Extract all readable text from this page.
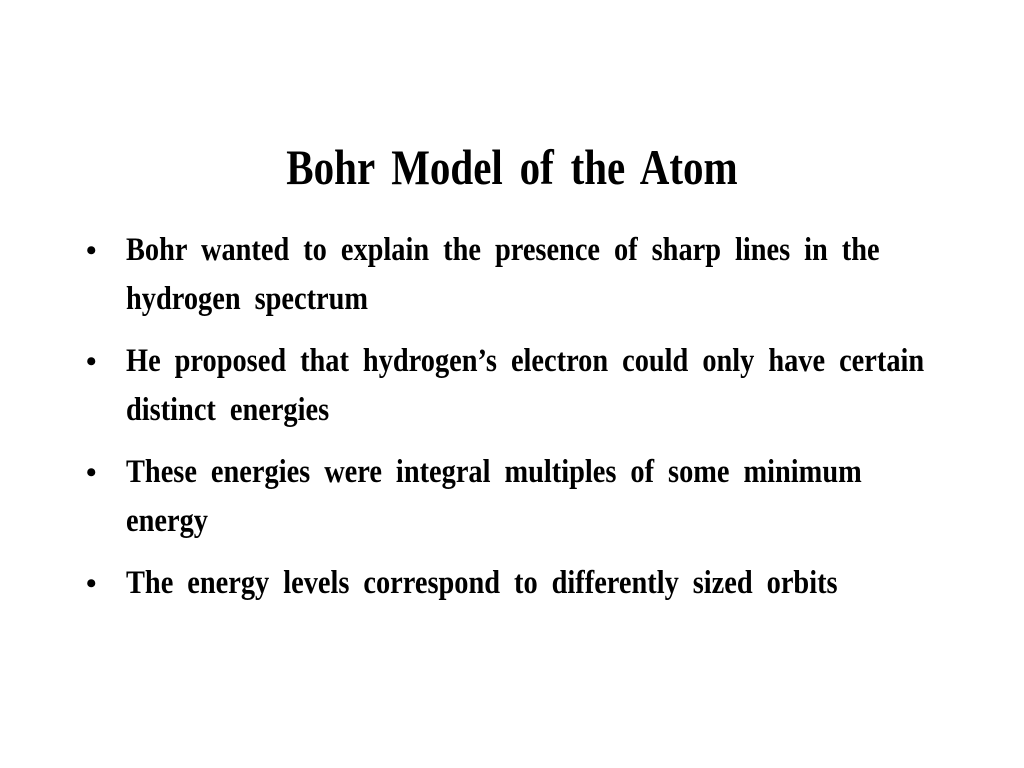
Bohr Model of the Atom
• Bohr wanted to explain the presence of sharp lines in the hydrogen spectrum
• He proposed that hydrogen’s electron could only have certain distinct energies
• These energies were integral multiples of some minimum energy
• The energy levels correspond to differently sized orbits
